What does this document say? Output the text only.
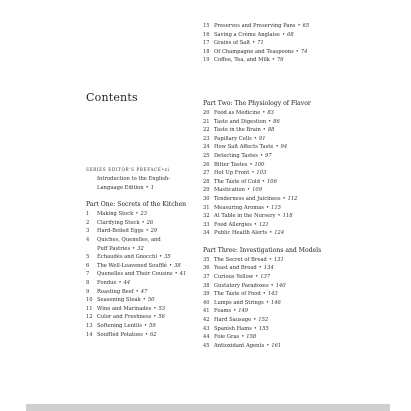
Contents
SERIES EDITOR'S PREFACE•xi
Introduction to the English-
Language Edition • 1
Part One: Secrets of the Kitchen
1	Making Stock • 23
2	Clarifying Stock • 26
3	Hard-Boiled Eggs • 29
4	Quiches, Quenelles, and
Puff Pastries • 32
5	Échaudés and Gnocchi • 35
6	The Well-Leavened Soufflé • 38
7	Quenelles and Their Cousins • 41
8	Fondue • 44
9	Roasting Beef • 47
10 Seasoning Steak • 50
11 Wine and Marinades • 53
12 Color and Freshness • 56
13 Softening Lentils • 59
14 Souffléd Potatoes • 62
15 Preserves and Preserving Pans • 65
16 Saving a Crème Anglaise • 68
17 Grains of Salt • 71
18 Of Champagne and Teaspoons • 74
19 Coffee, Tea, and Milk • 76
Part Two: The Physiology of Flavor
20 Food as Medicine • 83
21 Taste and Digestion • 86
22 Taste in the Brain • 88
23 Papillary Cells • 91
24 How Salt Affects Taste • 94
25 Detecting Tastes • 97
26 Bitter Tastes • 100
27 Hot Up Front • 103
28 The Taste of Cold • 106
29 Mastication • 109
30 Tenderness and Juiciness • 112
31 Measuring Aromas • 115
32 At Table in the Nursery • 118
33 Food Allergies • 121
34 Public Health Alerts • 124
Part Three: Investigations and Models
35 The Secret of Bread • 131
36 Yeast and Bread • 134
37 Curious Yellow • 137
38 Gustatory Paradoxes • 140
39 The Taste of Food • 143
40 Lumps and Strings • 146
41 Foams • 149
42 Hard Sausage • 152
43 Spanish Hams • 155
44 Foie Gras • 158
45 Antioxidant Agents • 161
